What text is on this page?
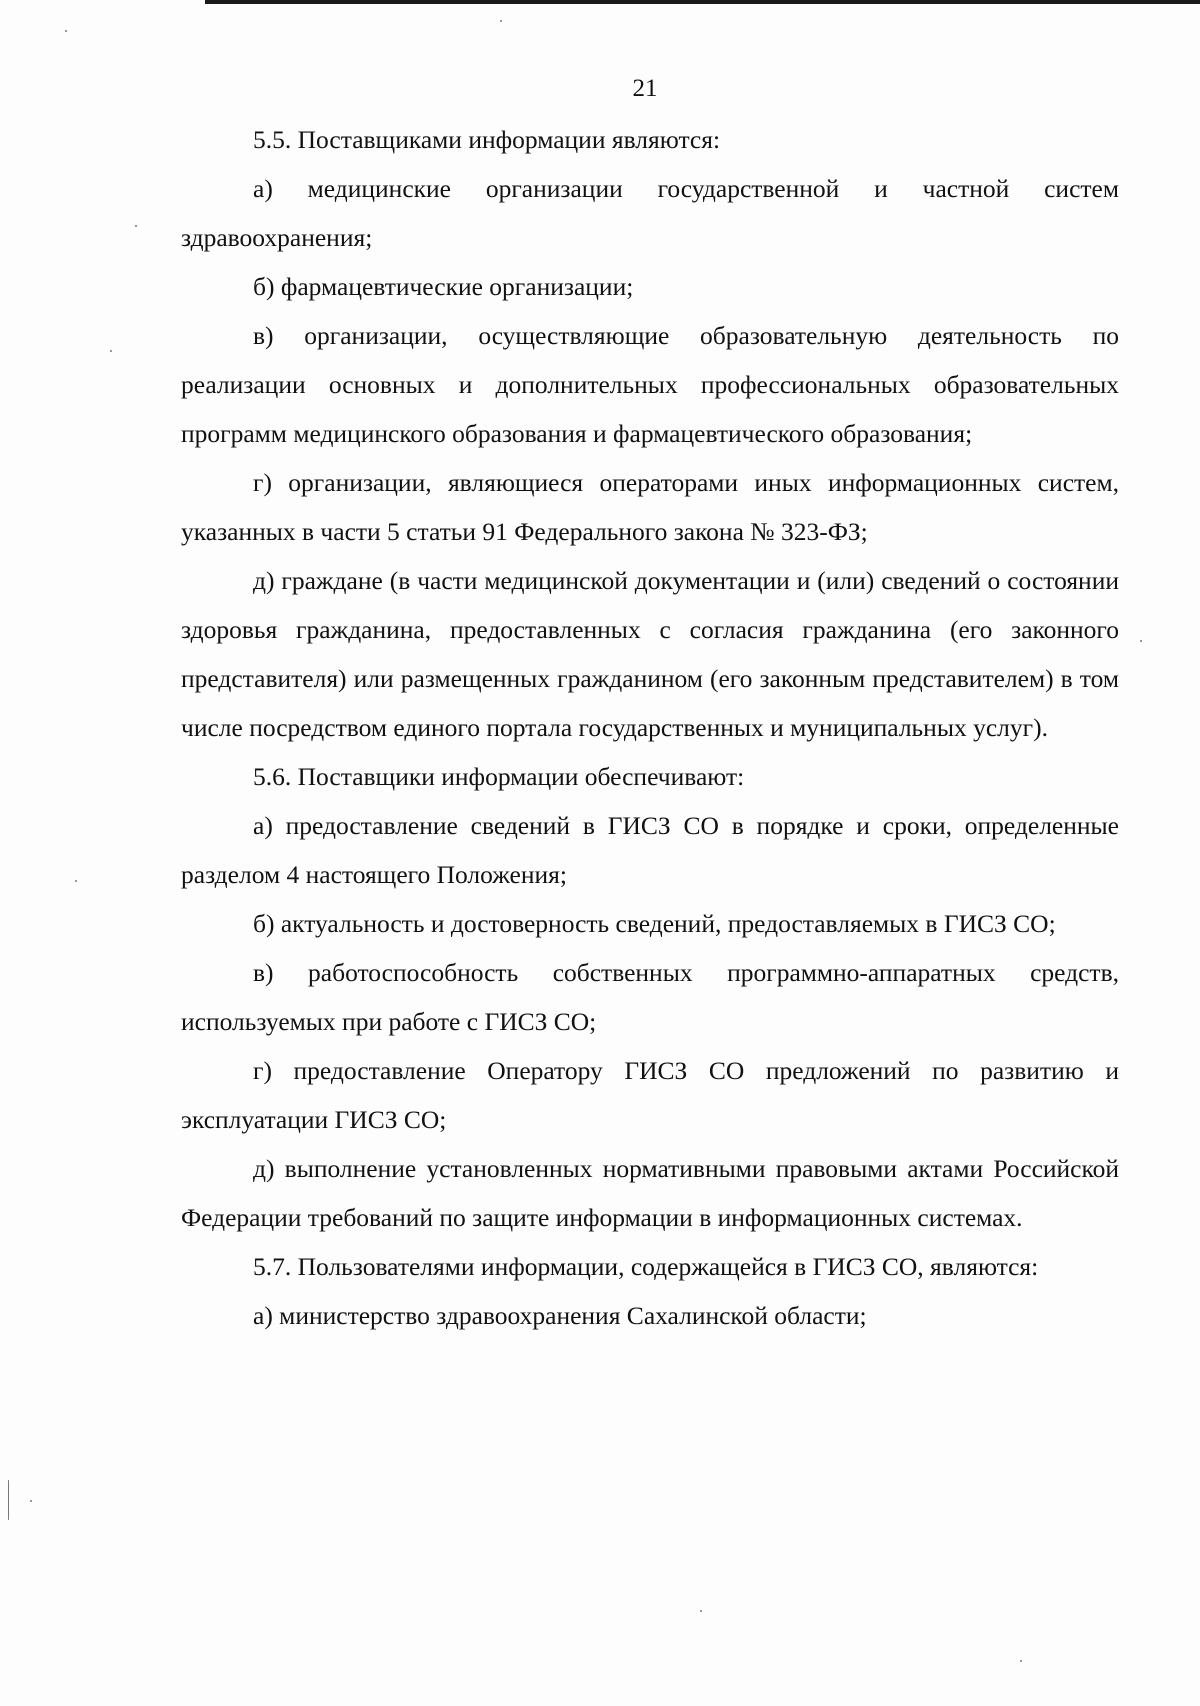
21

5.5. Поставщиками информации являются:

а) медицинские организации государственной и частной систем здравоохранения;

б) фармацевтические организации;

в) организации, осуществляющие образовательную деятельность по реализации основных и дополнительных профессиональных образовательных программ медицинского образования и фармацевтического образования;

г) организации, являющиеся операторами иных информационных систем, указанных в части 5 статьи 91 Федерального закона № 323-ФЗ;

д) граждане (в части медицинской документации и (или) сведений о состоянии здоровья гражданина, предоставленных с согласия гражданина (его законного представителя) или размещенных гражданином (его законным представителем) в том числе посредством единого портала государственных и муниципальных услуг).

5.6. Поставщики информации обеспечивают:

а) предоставление сведений в ГИСЗ СО в порядке и сроки, определенные разделом 4 настоящего Положения;

б) актуальность и достоверность сведений, предоставляемых в ГИСЗ СО;

в) работоспособность собственных программно-аппаратных средств, используемых при работе с ГИСЗ СО;

г) предоставление Оператору ГИСЗ СО предложений по развитию и эксплуатации ГИСЗ СО;

д) выполнение установленных нормативными правовыми актами Российской Федерации требований по защите информации в информационных системах.

5.7. Пользователями информации, содержащейся в ГИСЗ СО, являются:

а) министерство здравоохранения Сахалинской области;
